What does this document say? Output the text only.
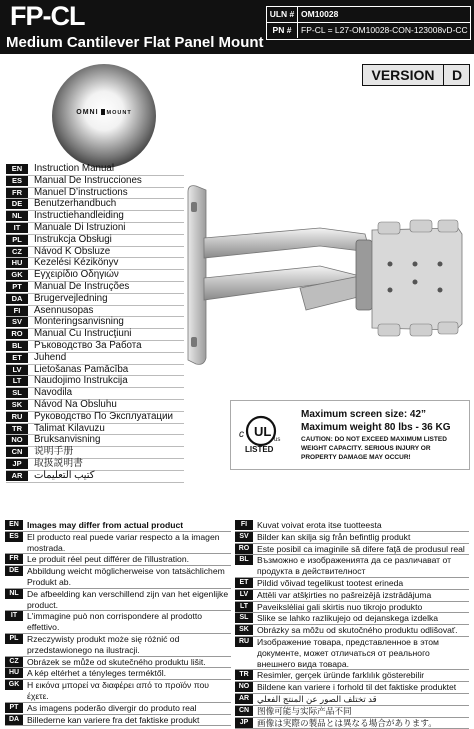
FP-CL
Medium Cantilever Flat Panel Mount
ULN # OM10028
PN #	FP-CL = L27-OM10028-CON-123008vD-CC
VERSION	D
OMNI MOUNT
EN	Instruction Manual
ES	Manual De Instrucciones
FR	Manuel D’instructions
DE	Benutzerhandbuch
NL	Instructiehandleiding
IT	Manuale Di Istruzioni
PL	Instrukcja Obsługi
CZ	Návod K Obsluze
HU	Kezelési Kézikönyv
GK	Εγχειρίδιο Οδηγιών
PT	Manual De Instruções
DA	Brugervejledning
FI	Asennusopas
SV	Monteringsanvisning
RO	Manual Cu Instrucţiuni
BL	Ръководство За Работа
ET	Juhend
LV	Lietošanas Pamācība
LT	Naudojimo Instrukcija
SL	Navodila
SK	Návod Na Obsluhu
RU	Руководство По Эксплуатации
TR	Talimat Kilavuzu
NO	Bruksanvisning
CN	说明手册
JP	取扱説明書
AR	كتيب التعليمات
UL
c	us
LISTED
Maximum screen size: 42”
Maximum weight 80 lbs - 36 KG
CAUTION: DO NOT EXCEED MAXIMUM LISTED WEIGHT CAPACITY. SERIOUS INJURY OR PROPERTY DAMAGE MAY OCCUR!
EN Images may differ from actual product
ES El producto real puede variar respecto a la imagen mostrada.
FR Le produit réel peut différer de l'illustration.
DE Abbildung weicht möglicherweise von tatsächlichem Produkt ab.
NL De afbeelding kan verschillend zijn van het eigenlijke product.
IT	L'immagine può non corrispondere al prodotto effettivo.
PL Rzeczywisty produkt może się różnić od przedstawionego na ilustracji.
CZ Obrázek se může od skutečného produktu lišit.
HU A kép eltérhet a tényleges terméktől.
GK Η εικόνα μπορεί να διαφέρει από το προϊόν που έχετε.
PT As imagens poderão divergir do produto real
DA Billederne kan variere fra det faktiske produkt
FI	Kuvat voivat erota itse tuotteesta
SV Bilder kan skilja sig från befintlig produkt
RO Este posibil ca imaginile să difere faţă de produsul real
BL Възможно е изображенията да се различават от продукта в действителност
ET Pildid võivad tegelikust tootest erineda
LV	Attēli var atšķirties no pašreizējā izstrādājuma
LT	Paveikslėliai gali skirtis nuo tikrojo produkto
SL Slike se lahko razlikujejo od dejanskega izdelka
SK Obrázky sa môžu od skutočného produktu odlišovať.
RU Изображение товара, представленное в этом документе, может отличаться от реального внешнего вида товара.
TR Resimler, gerçek üründe farklılık gösterebilir
NO Bildene kan variere i forhold til det faktiske produktet
AR قد تختلف الصور عن المنتج الفعلي
CN 图像可能与实际产品不同
JP	画像は実際の製品とは異なる場合があります。
